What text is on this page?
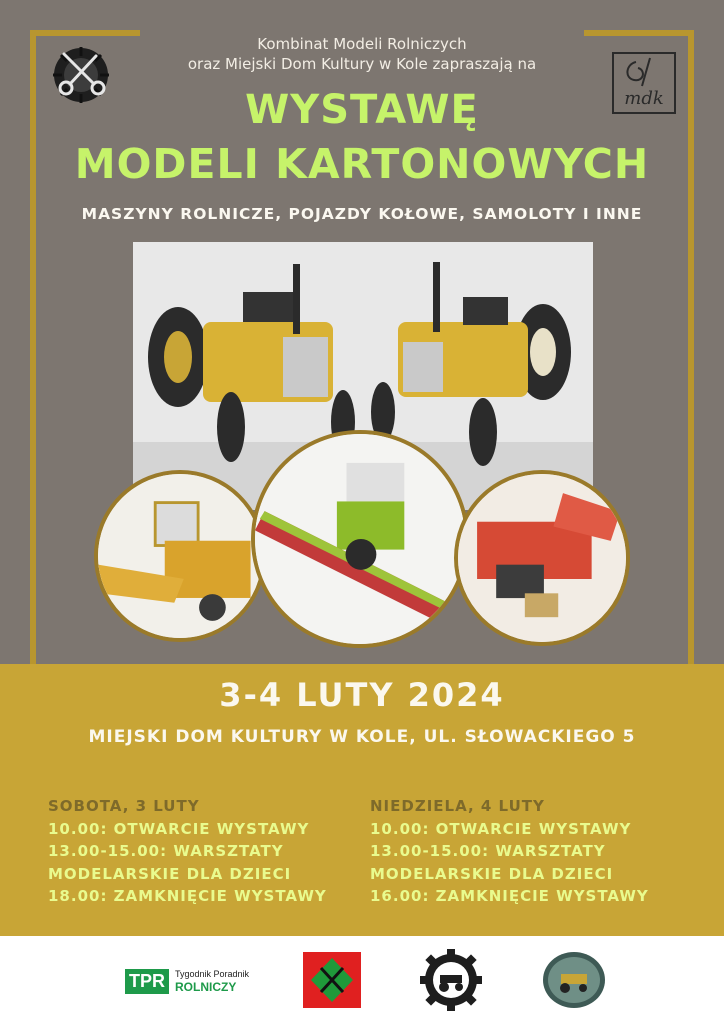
mdk
Kombinat Modeli Rolniczych
oraz Miejski Dom Kultury w Kole zapraszają na
WYSTAWĘ
MODELI KARTONOWYCH
MASZYNY ROLNICZE, POJAZDY KOŁOWE, SAMOLOTY I INNE
3-4 LUTY 2024
MIEJSKI DOM KULTURY W KOLE, UL. SŁOWACKIEGO 5
SOBOTA, 3 LUTY
10.00: OTWARCIE WYSTAWY
13.00-15.00: WARSZTATY
MODELARSKIE DLA DZIECI
18.00: ZAMKNIĘCIE WYSTAWY
NIEDZIELA, 4 LUTY
10.00: OTWARCIE WYSTAWY
13.00-15.00: WARSZTATY
MODELARSKIE DLA DZIECI
16.00: ZAMKNIĘCIE WYSTAWY
TPR	Tygodnik Poradnik
ROLNICZY
